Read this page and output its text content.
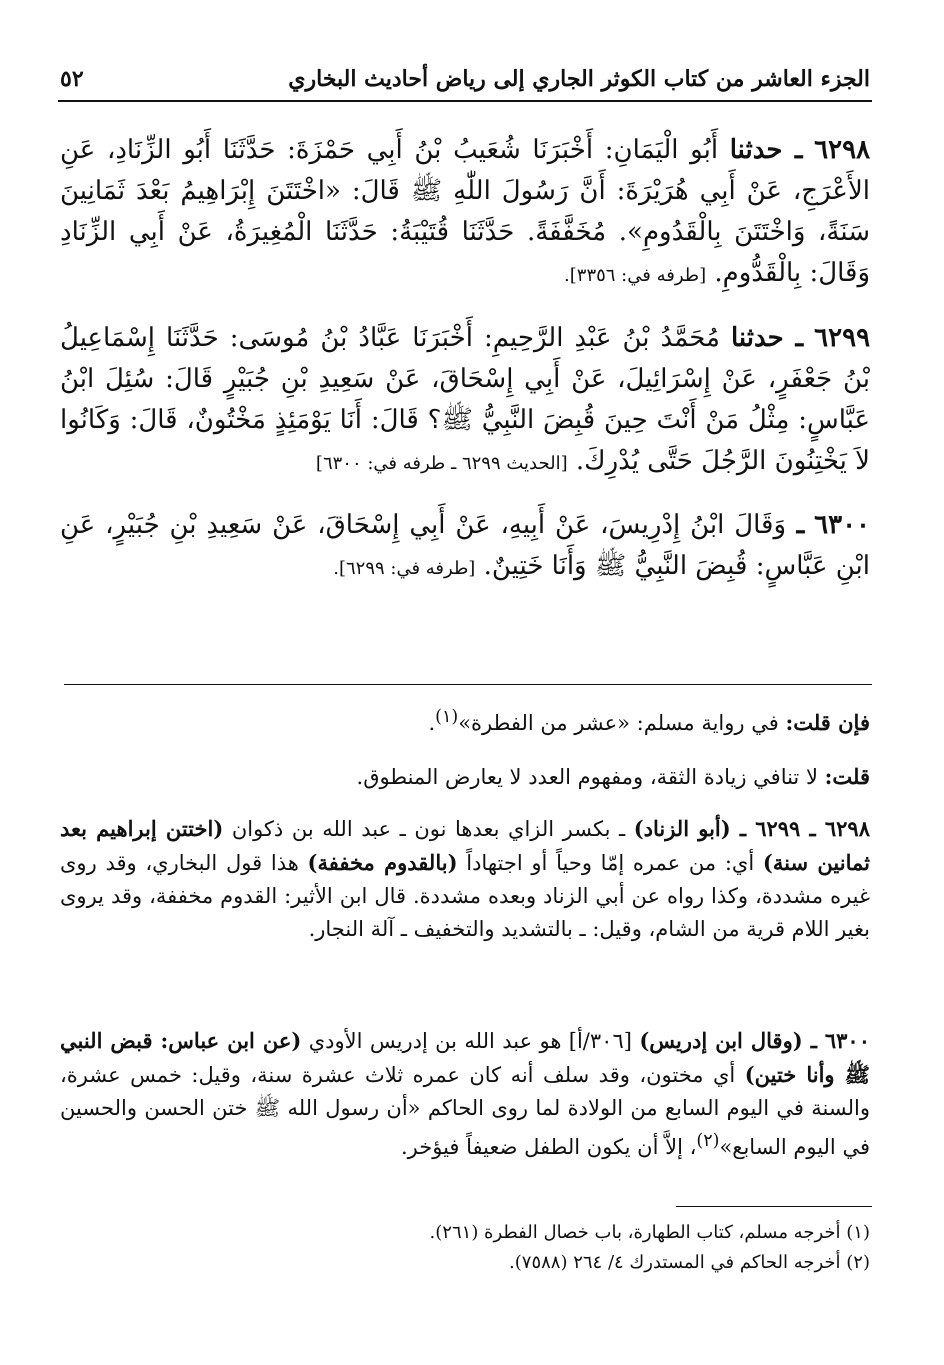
الجزء العاشر من كتاب الكوثر الجاري إلى رياض أحاديث البخاري
٥٢

٦٢٩٨ ـ حدثنا أَبُو الْيَمَانِ: أَخْبَرَنَا شُعَيبُ بْنُ أَبِي حَمْزَةَ: حَدَّثَنَا أَبُو الزِّنَادِ، عَنِ الأَعْرَجِ، عَنْ أَبِي هُرَيْرَةَ: أَنَّ رَسُولَ اللّٰهِ ﷺ قَالَ: «اخْتَتَنَ إِبْرَاهِيمُ بَعْدَ ثَمَانِينَ سَنَةً، وَاخْتَتَنَ بِالْقَدُومِ». مُخَفَّفَةً. حَدَّثَنَا قُتَيْبَةُ: حَدَّثَنَا الْمُغِيرَةُ، عَنْ أَبِي الزِّنَادِ وَقَالَ: بِالْقَدُّومِ. [طرفه في: ٣٣٥٦].

٦٢٩٩ ـ حدثنا مُحَمَّدُ بْنُ عَبْدِ الرَّحِيمِ: أَخْبَرَنَا عَبَّادُ بْنُ مُوسَى: حَدَّثَنَا إِسْمَاعِيلُ بْنُ جَعْفَرٍ، عَنْ إِسْرَائِيلَ، عَنْ أَبِي إِسْحَاقَ، عَنْ سَعِيدِ بْنِ جُبَيْرٍ قَالَ: سُئِلَ ابْنُ عَبَّاسٍ: مِثْلُ مَنْ أَنْتَ حِينَ قُبِضَ النَّبِيُّ ﷺ؟ قَالَ: أَنَا يَوْمَئِذٍ مَخْتُونٌ، قَالَ: وَكَانُوا لاَ يَخْتِنُونَ الرَّجُلَ حَتَّى يُدْرِكَ. [الحديث ٦٢٩٩ ـ طرفه في: ٦٣٠٠]

٦٣٠٠ ـ وَقَالَ ابْنُ إِدْرِيسَ، عَنْ أَبِيهِ، عَنْ أَبِي إِسْحَاقَ، عَنْ سَعِيدِ بْنِ جُبَيْرٍ، عَنِ ابْنِ عَبَّاسٍ: قُبِضَ النَّبِيُّ ﷺ وَأَنَا خَتِينٌ. [طرفه في: ٦٢٩٩].

فإن قلت: في رواية مسلم: «عشر من الفطرة»$^{(١)}$.

قلت: لا تنافي زيادة الثقة، ومفهوم العدد لا يعارض المنطوق.

٦٢٩٨ ـ ٦٢٩٩ ـ (أبو الزناد) ـ بكسر الزاي بعدها نون ـ عبد الله بن ذكوان (اختتن إبراهيم بعد ثمانين سنة) أي: من عمره إمّا وحياً أو اجتهاداً (بالقدوم مخففة) هذا قول البخاري، وقد روى غيره مشددة، وكذا رواه عن أبي الزناد وبعده مشددة. قال ابن الأثير: القدوم مخففة، وقد يروى بغير اللام قرية من الشام، وقيل: ـ بالتشديد والتخفيف ـ آلة النجار.

٦٣٠٠ ـ (وقال ابن إدريس) [٣٠٦/أ] هو عبد الله بن إدريس الأودي (عن ابن عباس: قبض النبي ﷺ وأنا ختين) أي مختون، وقد سلف أنه كان عمره ثلاث عشرة سنة، وقيل: خمس عشرة، والسنة في اليوم السابع من الولادة لما روى الحاكم «أن رسول الله ﷺ ختن الحسن والحسين في اليوم السابع»$^{(٢)}$، إلاَّ أن يكون الطفل ضعيفاً فيؤخر.

(١) أخرجه مسلم، كتاب الطهارة، باب خصال الفطرة (٢٦١).

(٢) أخرجه الحاكم في المستدرك ٤/ ٢٦٤ (٧٥٨٨).
